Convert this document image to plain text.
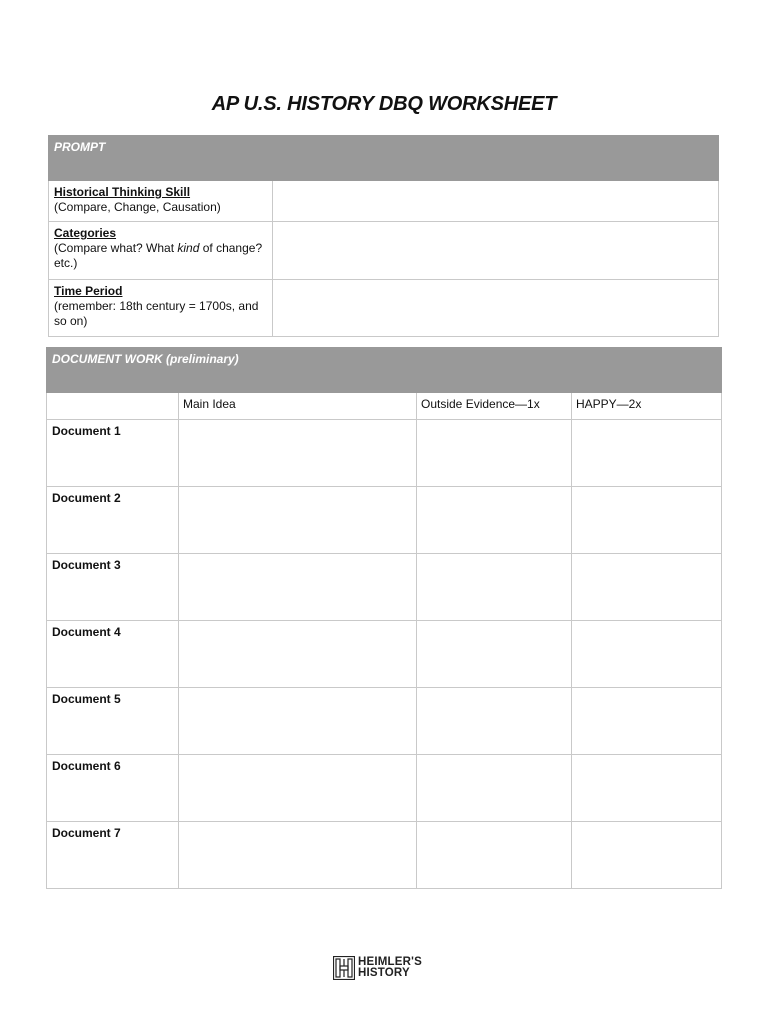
AP U.S. HISTORY DBQ WORKSHEET
PROMPT	

Historical Thinking Skill
(Compare, Change, Causation)	

Categories
(Compare what? What kind of change? etc.)	

Time Period
(remember: 18th century = 1700s, and so on)	

DOCUMENT WORK (preliminary)			
	Main Idea	Outside Evidence—1x	HAPPY—2x
Document 1			
Document 2			
Document 3			
Document 4			
Document 5			
Document 6			
Document 7			
HEIMLER'S
HISTORY
